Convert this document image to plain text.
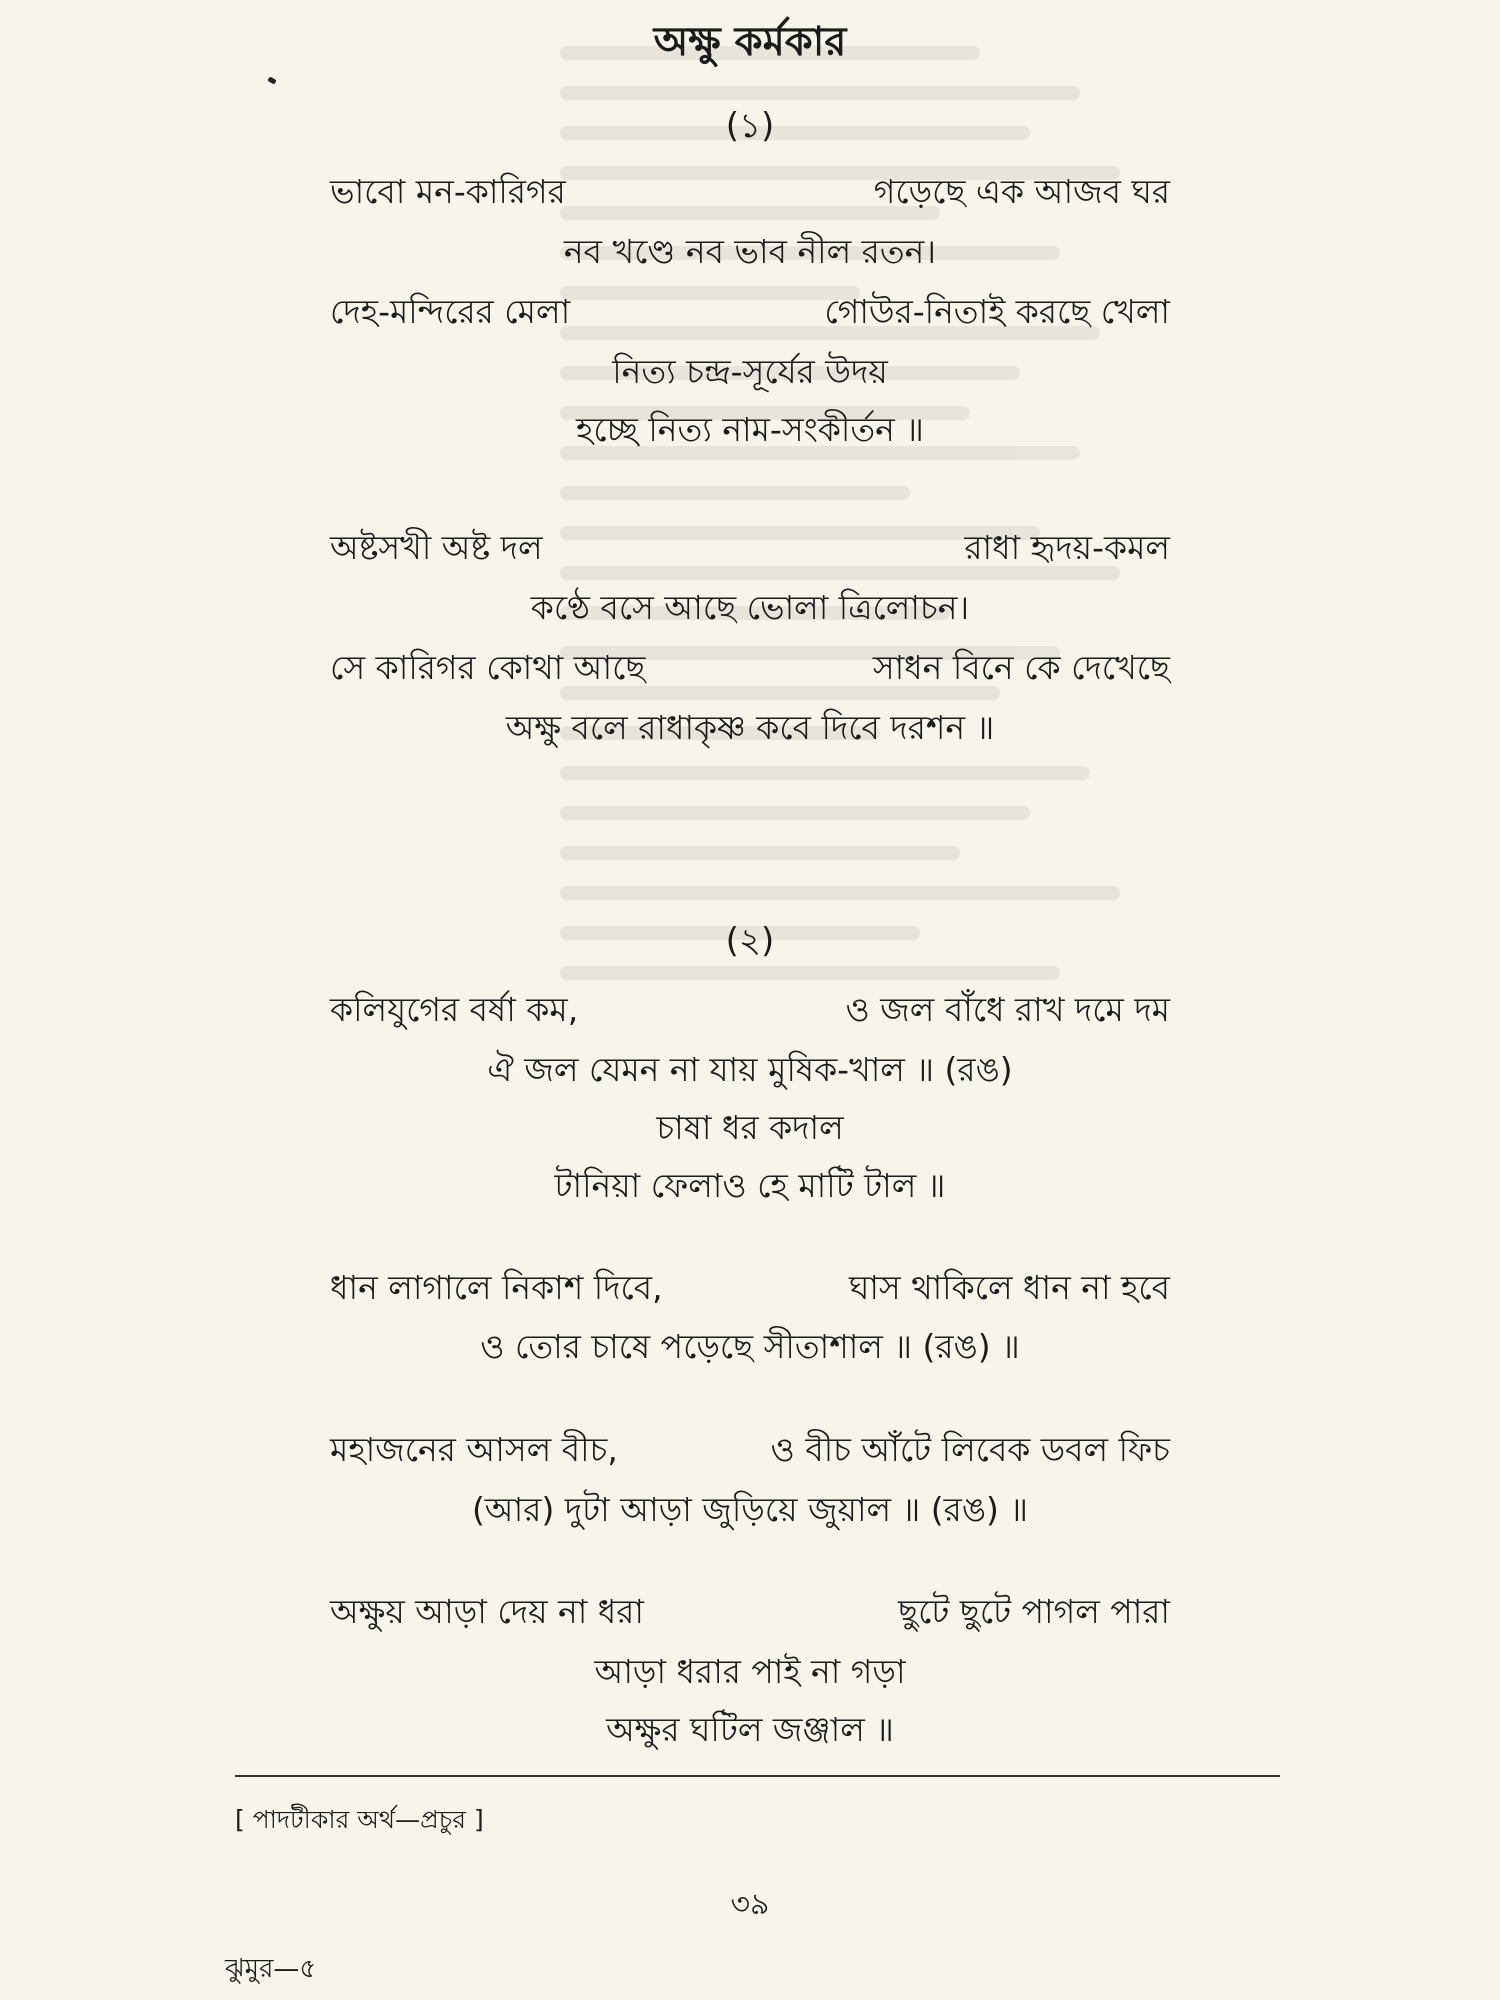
অক্ষু কর্মকার
(১)
ভাবো মন-কারিগর	গড়েছে এক আজব ঘর
নব খণ্ডে নব ভাব নীল রতন।
দেহ-মন্দিরের মেলা	গোউর-নিতাই করছে খেলা
নিত্য চন্দ্র-সূর্যের উদয়
হচ্ছে নিত্য নাম-সংকীর্তন ॥
অষ্টসখী অষ্ট দল	রাধা হৃদয়-কমল
কণ্ঠে বসে আছে ভোলা ত্রিলোচন।
সে কারিগর কোথা আছে	সাধন বিনে কে দেখেছে
অক্ষু বলে রাধাকৃষ্ণ কবে দিবে দরশন ॥
(২)
কলিযুগের বর্ষা কম,	ও জল বাঁধে রাখ দমে দম
ঐ জল যেমন না যায় মুষিক-খাল ॥ (রঙ)
চাষা ধর কদাল
টানিয়া ফেলাও হে মাটি টাল ॥
ধান লাগালে নিকাশ দিবে,	ঘাস থাকিলে ধান না হবে
ও তোর চাষে পড়েছে সীতাশাল ॥ (রঙ) ॥
মহাজনের আসল বীচ,	ও বীচ আঁটে লিবেক ডবল ফিচ
(আর) দুটা আড়া জুড়িয়ে জুয়াল ॥ (রঙ) ॥
অক্ষুয় আড়া দেয় না ধরা	ছুটে ছুটে পাগল পারা
আড়া ধরার পাই না গড়া
অক্ষুর ঘটিল জঞ্জাল ॥
[ পাদটীকার অর্থ—প্রচুর ]
৩৯
ঝুমুর—৫
